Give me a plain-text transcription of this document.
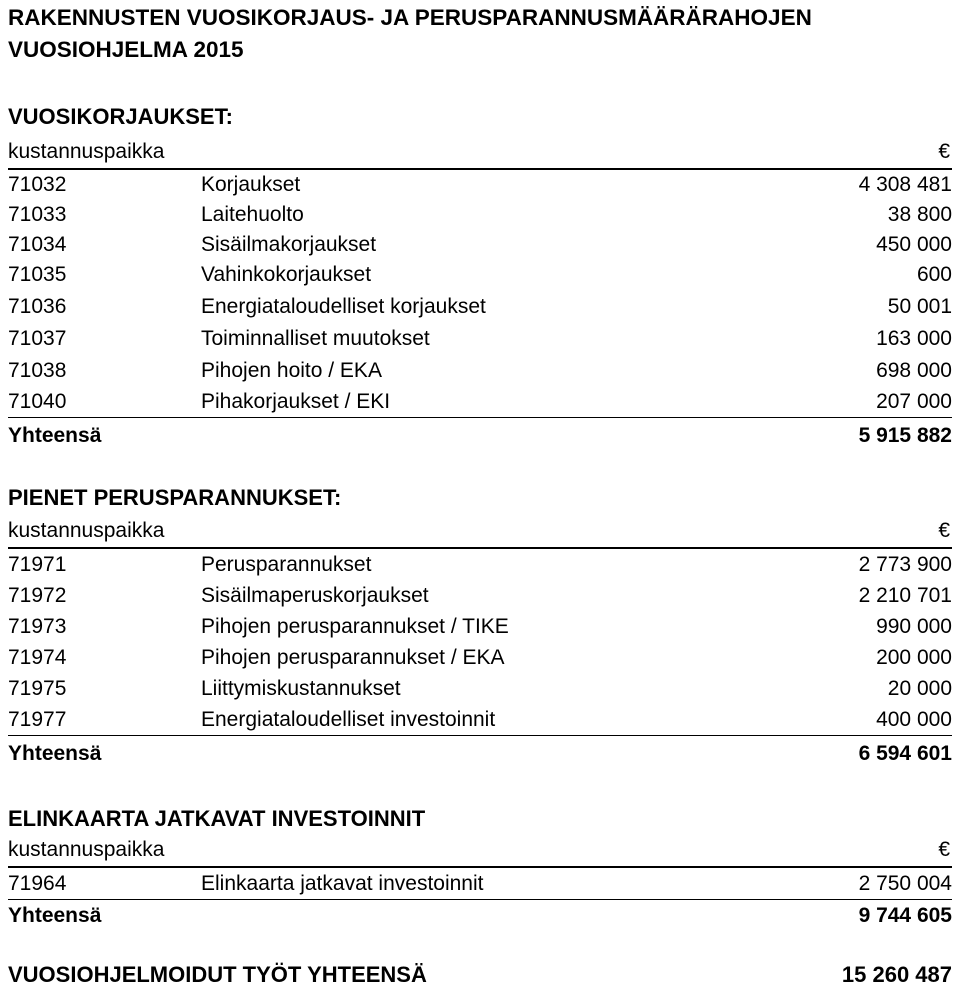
RAKENNUSTEN VUOSIKORJAUS- JA PERUSPARANNUSMÄÄRÄRAHOJEN
VUOSIOHJELMA 2015
VUOSIKORJAUKSET:
kustannuspaikka	€
71032	Korjaukset	4 308 481
71033	Laitehuolto	38 800
71034	Sisäilmakorjaukset	450 000
71035	Vahinkokorjaukset	600
71036	Energiataloudelliset korjaukset	50 001
71037	Toiminnalliset muutokset	163 000
71038	Pihojen hoito / EKA	698 000
71040	Pihakorjaukset / EKI	207 000
Yhteensä	5 915 882
PIENET PERUSPARANNUKSET:
kustannuspaikka	€
71971	Perusparannukset	2 773 900
71972	Sisäilmaperuskorjaukset	2 210 701
71973	Pihojen perusparannukset / TIKE	990 000
71974	Pihojen perusparannukset / EKA	200 000
71975	Liittymiskustannukset	20 000
71977	Energiataloudelliset investoinnit	400 000
Yhteensä	6 594 601
ELINKAARTA JATKAVAT INVESTOINNIT
kustannuspaikka	€
71964	Elinkaarta jatkavat investoinnit	2 750 004
Yhteensä	9 744 605
VUOSIOHJELMOIDUT TYÖT YHTEENSÄ	15 260 487
